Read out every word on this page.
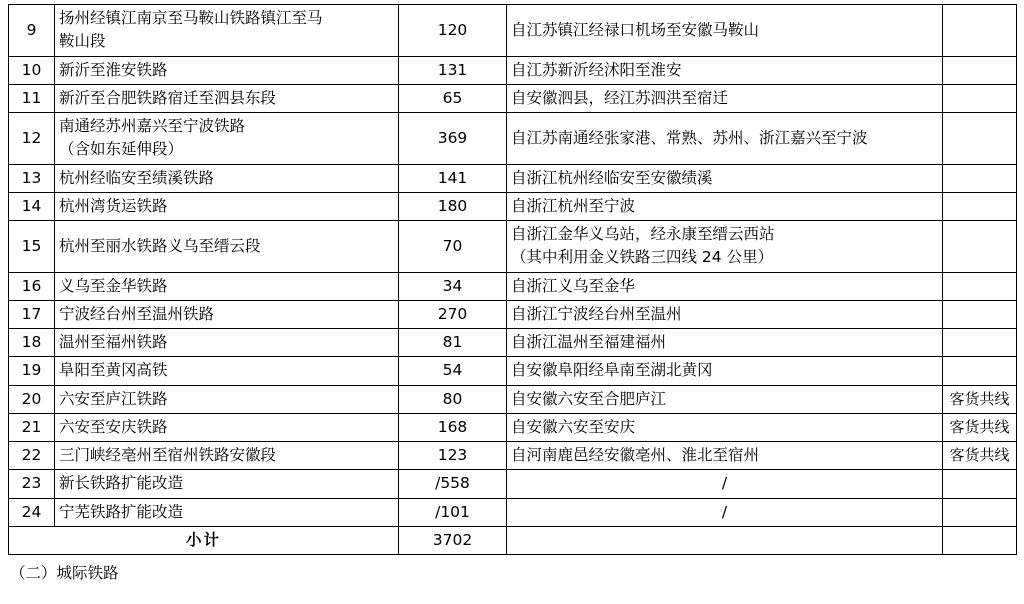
9	扬州经镇江南京至马鞍山铁路镇江至马
鞍山段	120	自江苏镇江经禄口机场至安徽马鞍山	

10	新沂至淮安铁路	131	自江苏新沂经沭阳至淮安	

11	新沂至合肥铁路宿迁至泗县东段	65	自安徽泗县，经江苏泗洪至宿迁	

12	南通经苏州嘉兴至宁波铁路
（含如东延伸段）	369	自江苏南通经张家港、常熟、苏州、浙江嘉兴至宁波	

13	杭州经临安至绩溪铁路	141	自浙江杭州经临安至安徽绩溪	

14	杭州湾货运铁路	180	自浙江杭州至宁波	

15	杭州至丽水铁路义乌至缙云段	70	自浙江金华义乌站，经永康至缙云西站
（其中利用金义铁路三四线 24 公里）	

16	义乌至金华铁路	34	自浙江义乌至金华	

17	宁波经台州至温州铁路	270	自浙江宁波经台州至温州	

18	温州至福州铁路	81	自浙江温州至福建福州	

19	阜阳至黄冈高铁	54	自安徽阜阳经阜南至湖北黄冈	

20	六安至庐江铁路	80	自安徽六安至合肥庐江	客货共线
21	六安至安庆铁路	168	自安徽六安至安庆	客货共线
22	三门峡经亳州至宿州铁路安徽段	123	自河南鹿邑经安徽亳州、淮北至宿州	客货共线
23	新长铁路扩能改造	/558	/	

24	宁芜铁路扩能改造	/101	/	

小计		3702		
（二）城际铁路
